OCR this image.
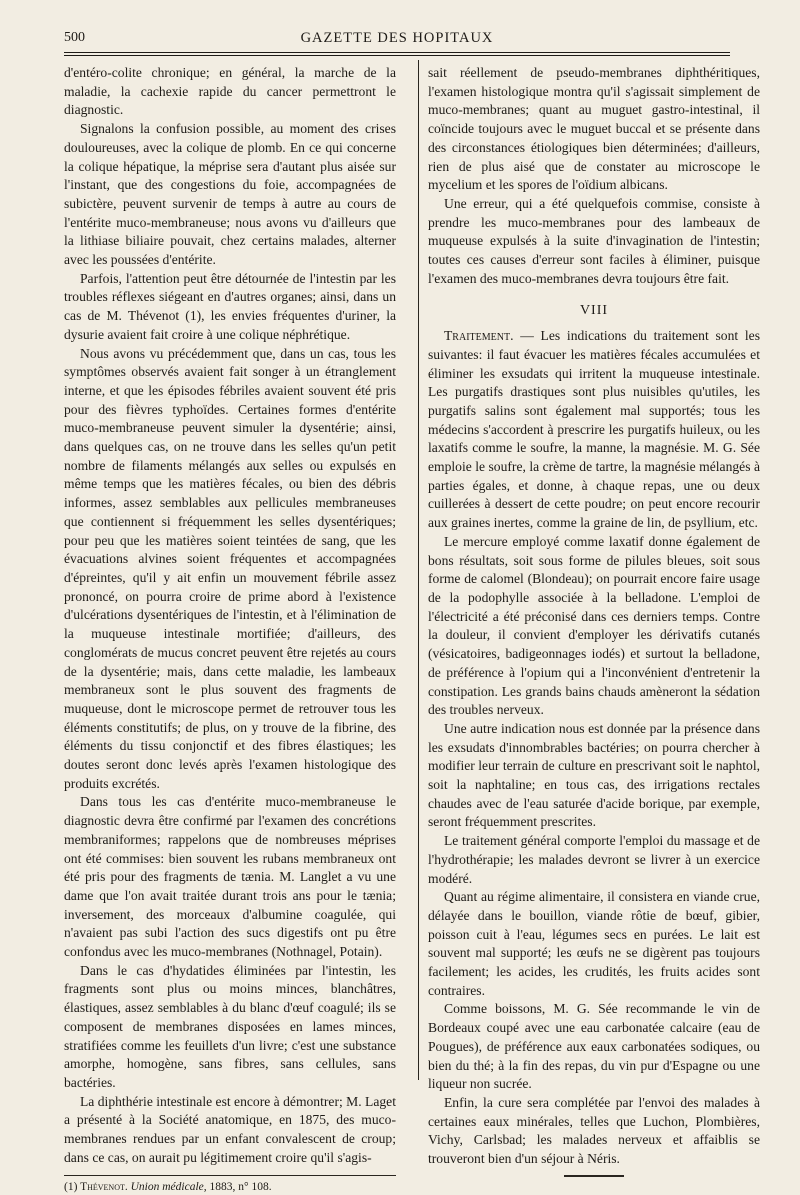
500	GAZETTE DES HOPITAUX

d'entéro-colite chronique; en général, la marche de la maladie, la cachexie rapide du cancer permettront le diagnostic.

Signalons la confusion possible, au moment des crises douloureuses, avec la colique de plomb. En ce qui concerne la colique hépatique, la méprise sera d'autant plus aisée sur l'instant, que des congestions du foie, accompagnées de subictère, peuvent survenir de temps à autre au cours de l'entérite muco-membraneuse; nous avons vu d'ailleurs que la lithiase biliaire pouvait, chez certains malades, alterner avec les poussées d'entérite.

Parfois, l'attention peut être détournée de l'intestin par les troubles réflexes siégeant en d'autres organes; ainsi, dans un cas de M. Thévenot (1), les envies fréquentes d'uriner, la dysurie avaient fait croire à une colique néphrétique.

Nous avons vu précédemment que, dans un cas, tous les symptômes observés avaient fait songer à un étranglement interne, et que les épisodes fébriles avaient souvent été pris pour des fièvres typhoïdes. Certaines formes d'entérite muco-membraneuse peuvent simuler la dysentérie; ainsi, dans quelques cas, on ne trouve dans les selles qu'un petit nombre de filaments mélangés aux selles ou expulsés en même temps que les matières fécales, ou bien des débris informes, assez semblables aux pellicules membraneuses que contiennent si fréquemment les selles dysentériques; pour peu que les matières soient teintées de sang, que les évacuations alvines soient fréquentes et accompagnées d'épreintes, qu'il y ait enfin un mouvement fébrile assez prononcé, on pourra croire de prime abord à l'existence d'ulcérations dysentériques de l'intestin, et à l'élimination de la muqueuse intestinale mortifiée; d'ailleurs, des conglomérats de mucus concret peuvent être rejetés au cours de la dysentérie; mais, dans cette maladie, les lambeaux membraneux sont le plus souvent des fragments de muqueuse, dont le microscope permet de retrouver tous les éléments constitutifs; de plus, on y trouve de la fibrine, des éléments du tissu conjonctif et des fibres élastiques; les doutes seront donc levés après l'examen histologique des produits excrétés.

Dans tous les cas d'entérite muco-membraneuse le diagnostic devra être confirmé par l'examen des concrétions membraniformes; rappelons que de nombreuses méprises ont été commises: bien souvent les rubans membraneux ont été pris pour des fragments de tænia. M. Langlet a vu une dame que l'on avait traitée durant trois ans pour le tænia; inversement, des morceaux d'albumine coagulée, qui n'avaient pas subi l'action des sucs digestifs ont pu être confondus avec les muco-membranes (Nothnagel, Potain).

Dans le cas d'hydatides éliminées par l'intestin, les fragments sont plus ou moins minces, blanchâtres, élastiques, assez semblables à du blanc d'œuf coagulé; ils se composent de membranes disposées en lames minces, stratifiées comme les feuillets d'un livre; c'est une substance amorphe, homogène, sans fibres, sans cellules, sans bactéries.

La diphthérie intestinale est encore à démontrer; M. Laget a présenté à la Société anatomique, en 1875, des muco-membranes rendues par un enfant convalescent de croup; dans ce cas, on aurait pu légitimement croire qu'il s'agis-

(1) Thévenot. Union médicale, 1883, n° 108.

sait réellement de pseudo-membranes diphthéritiques, l'examen histologique montra qu'il s'agissait simplement de muco-membranes; quant au muguet gastro-intestinal, il coïncide toujours avec le muguet buccal et se présente dans des circonstances étiologiques bien déterminées; d'ailleurs, rien de plus aisé que de constater au microscope le mycelium et les spores de l'oïdium albicans.

Une erreur, qui a été quelquefois commise, consiste à prendre les muco-membranes pour des lambeaux de muqueuse expulsés à la suite d'invagination de l'intestin; toutes ces causes d'erreur sont faciles à éliminer, puisque l'examen des muco-membranes devra toujours être fait.

VIII

Traitement. — Les indications du traitement sont les suivantes: il faut évacuer les matières fécales accumulées et éliminer les exsudats qui irritent la muqueuse intestinale. Les purgatifs drastiques sont plus nuisibles qu'utiles, les purgatifs salins sont également mal supportés; tous les médecins s'accordent à prescrire les purgatifs huileux, ou les laxatifs comme le soufre, la manne, la magnésie. M. G. Sée emploie le soufre, la crème de tartre, la magnésie mélangés à parties égales, et donne, à chaque repas, une ou deux cuillerées à dessert de cette poudre; on peut encore recourir aux graines inertes, comme la graine de lin, de psyllium, etc.

Le mercure employé comme laxatif donne également de bons résultats, soit sous forme de pilules bleues, soit sous forme de calomel (Blondeau); on pourrait encore faire usage de la podophylle associée à la belladone. L'emploi de l'électricité a été préconisé dans ces derniers temps. Contre la douleur, il convient d'employer les dérivatifs cutanés (vésicatoires, badigeonnages iodés) et surtout la belladone, de préférence à l'opium qui a l'inconvénient d'entretenir la constipation. Les grands bains chauds amèneront la sédation des troubles nerveux.

Une autre indication nous est donnée par la présence dans les exsudats d'innombrables bactéries; on pourra chercher à modifier leur terrain de culture en prescrivant soit le naphtol, soit la naphtaline; en tous cas, des irrigations rectales chaudes avec de l'eau saturée d'acide borique, par exemple, seront fréquemment prescrites.

Le traitement général comporte l'emploi du massage et de l'hydrothérapie; les malades devront se livrer à un exercice modéré.

Quant au régime alimentaire, il consistera en viande crue, délayée dans le bouillon, viande rôtie de bœuf, gibier, poisson cuit à l'eau, légumes secs en purées. Le lait est souvent mal supporté; les œufs ne se digèrent pas toujours facilement; les acides, les crudités, les fruits acides sont contraires.

Comme boissons, M. G. Sée recommande le vin de Bordeaux coupé avec une eau carbonatée calcaire (eau de Pougues), de préférence aux eaux carbonatées sodiques, ou bien du thé; à la fin des repas, du vin pur d'Espagne ou une liqueur non sucrée.

Enfin, la cure sera complétée par l'envoi des malades à certaines eaux minérales, telles que Luchon, Plombières, Vichy, Carlsbad; les malades nerveux et affaiblis se trouveront bien d'un séjour à Néris.
